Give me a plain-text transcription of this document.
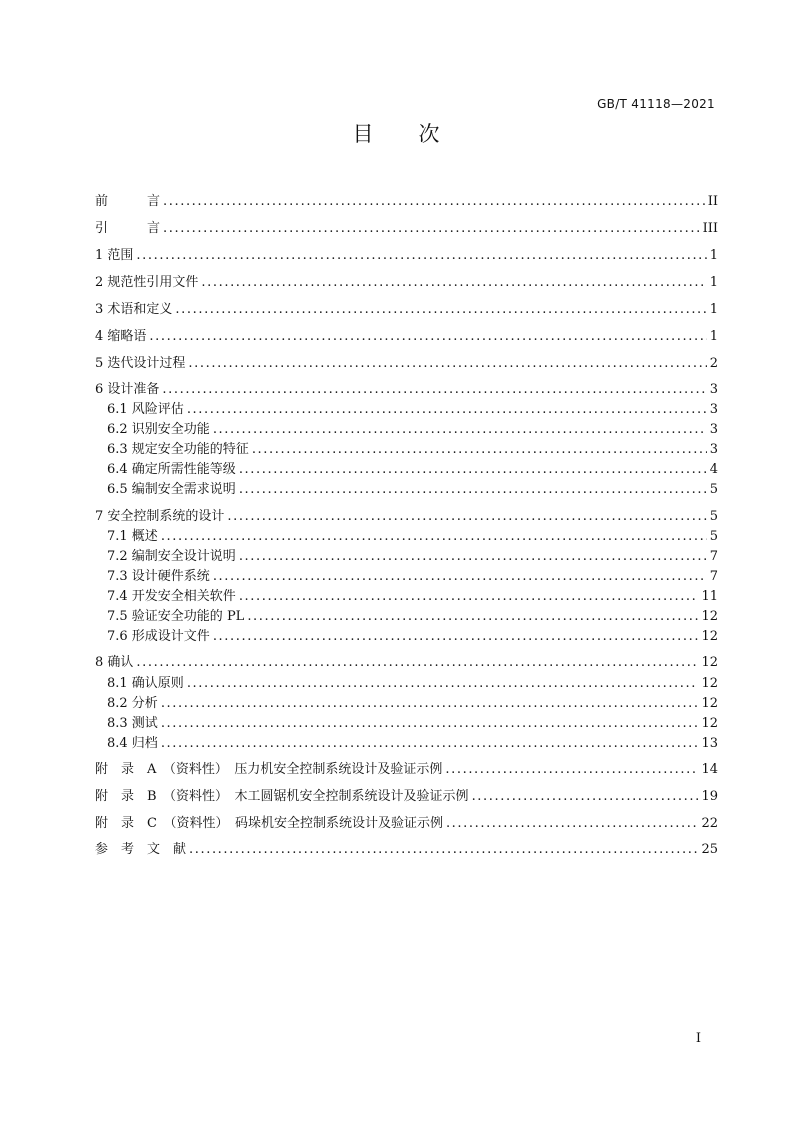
GB/T 41118—2021
目　　次
前　　　言 .....	II
引　　　言 .....	III
1 范围 .....	1
2 规范性引用文件 .....	1
3 术语和定义 .....	1
4 缩略语 .....	1
5 迭代设计过程 .....	2
6 设计准备 .....	3
6.1 风险评估 .....	3
6.2 识别安全功能 .....	3
6.3 规定安全功能的特征 .....	3
6.4 确定所需性能等级 .....	4
6.5 编制安全需求说明 .....	5
7 安全控制系统的设计 .....	5
7.1 概述 .....	5
7.2 编制安全设计说明 .....	7
7.3 设计硬件系统 .....	7
7.4 开发安全相关软件 .....	11
7.5 验证安全功能的 PL .....	12
7.6 形成设计文件 .....	12
8 确认 .....	12
8.1 确认原则 .....	12
8.2 分析 .....	12
8.3 测试 .....	12
8.4 归档 .....	13
附　录　A　（资料性）　压力机安全控制系统设计及验证示例 .....	14
附　录　B　（资料性）　木工圆锯机安全控制系统设计及验证示例 .....	19
附　录　C　（资料性）　码垛机安全控制系统设计及验证示例 .....	22
参　考　文　献 .....	25
I
